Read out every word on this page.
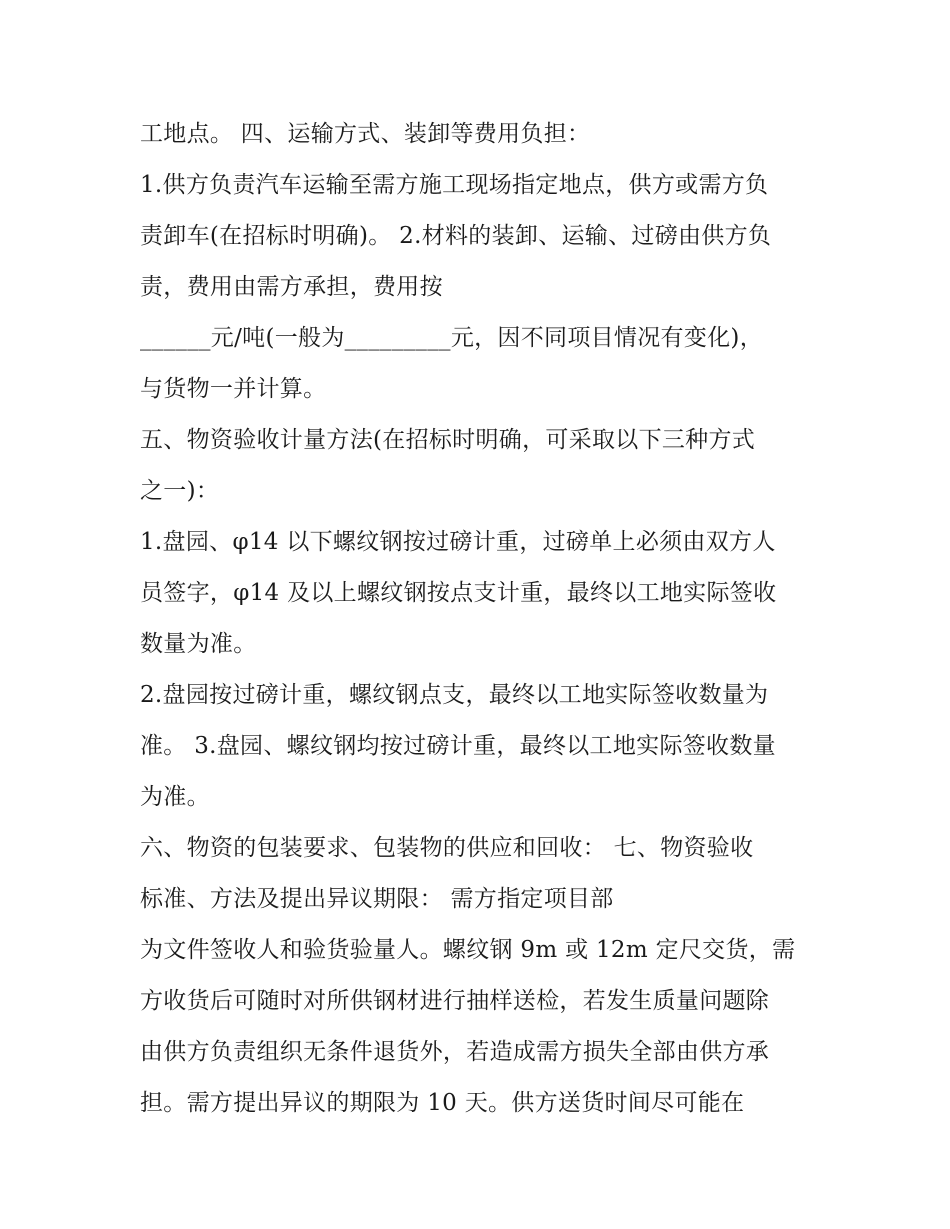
工地点。 四、运输方式、装卸等费用负担：
1.供方负责汽车运输至需方施工现场指定地点，供方或需方负
责卸车(在招标时明确)。 2.材料的装卸、运输、过磅由供方负
责，费用由需方承担，费用按
______元/吨(一般为_________元，因不同项目情况有变化)，
与货物一并计算。
五、物资验收计量方法(在招标时明确，可采取以下三种方式
之一)：
1.盘园、φ14 以下螺纹钢按过磅计重，过磅单上必须由双方人
员签字，φ14 及以上螺纹钢按点支计重，最终以工地实际签收
数量为准。
2.盘园按过磅计重，螺纹钢点支，最终以工地实际签收数量为
准。 3.盘园、螺纹钢均按过磅计重，最终以工地实际签收数量
为准。
六、物资的包装要求、包装物的供应和回收： 七、物资验收
标准、方法及提出异议期限： 需方指定项目部
为文件签收人和验货验量人。螺纹钢 9m 或 12m 定尺交货，需
方收货后可随时对所供钢材进行抽样送检，若发生质量问题除
由供方负责组织无条件退货外，若造成需方损失全部由供方承
担。需方提出异议的期限为 10 天。供方送货时间尽可能在
